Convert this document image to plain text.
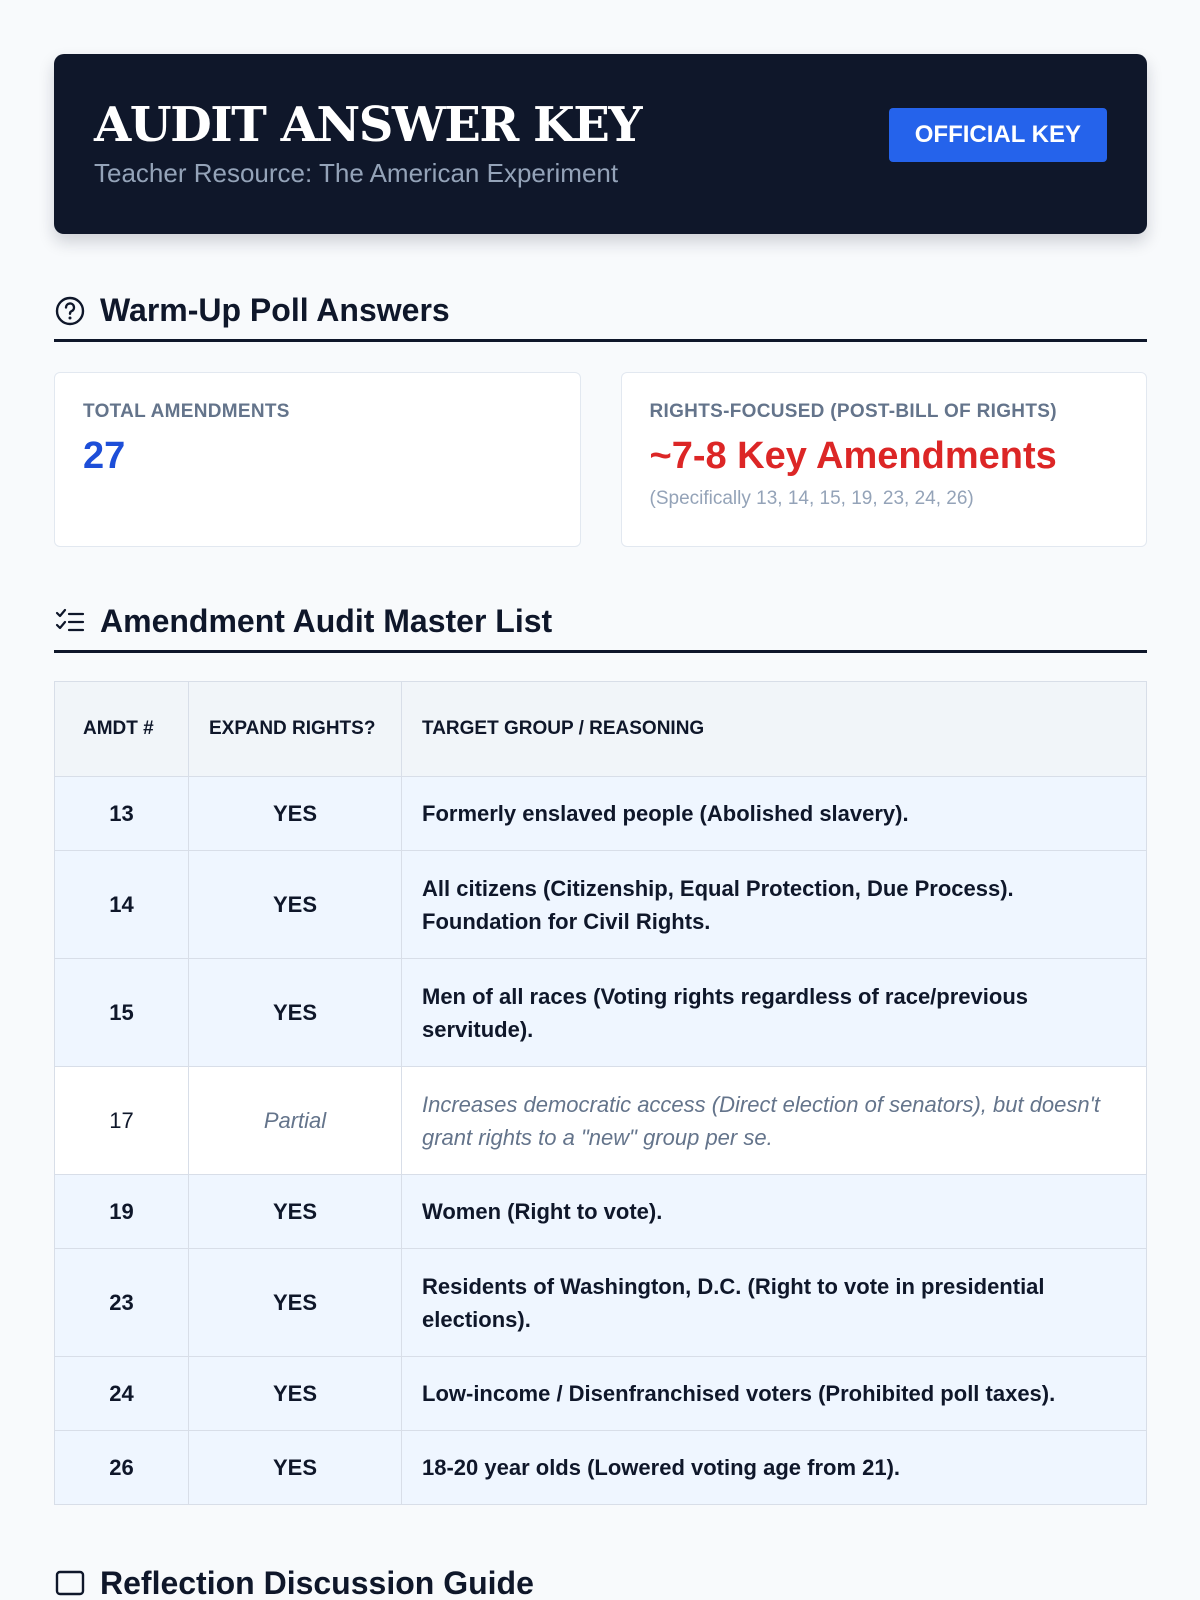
AUDIT ANSWER KEY
Teacher Resource: The American Experiment
OFFICIAL KEY
Warm-Up Poll Answers
TOTAL AMENDMENTS
27
RIGHTS-FOCUSED (POST-BILL OF RIGHTS)
~7-8 Key Amendments
(Specifically 13, 14, 15, 19, 23, 24, 26)
Amendment Audit Master List
AMDT #	EXPAND RIGHTS?	TARGET GROUP / REASONING
13	YES	Formerly enslaved people (Abolished slavery).
14	YES	All citizens (Citizenship, Equal Protection, Due Process). Foundation for Civil Rights.
15	YES	Men of all races (Voting rights regardless of race/previous servitude).
17	Partial	Increases democratic access (Direct election of senators), but doesn't grant rights to a "new" group per se.
19	YES	Women (Right to vote).
23	YES	Residents of Washington, D.C. (Right to vote in presidential elections).
24	YES	Low-income / Disenfranchised voters (Prohibited poll taxes).
26	YES	18-20 year olds (Lowered voting age from 21).
Reflection Discussion Guide
